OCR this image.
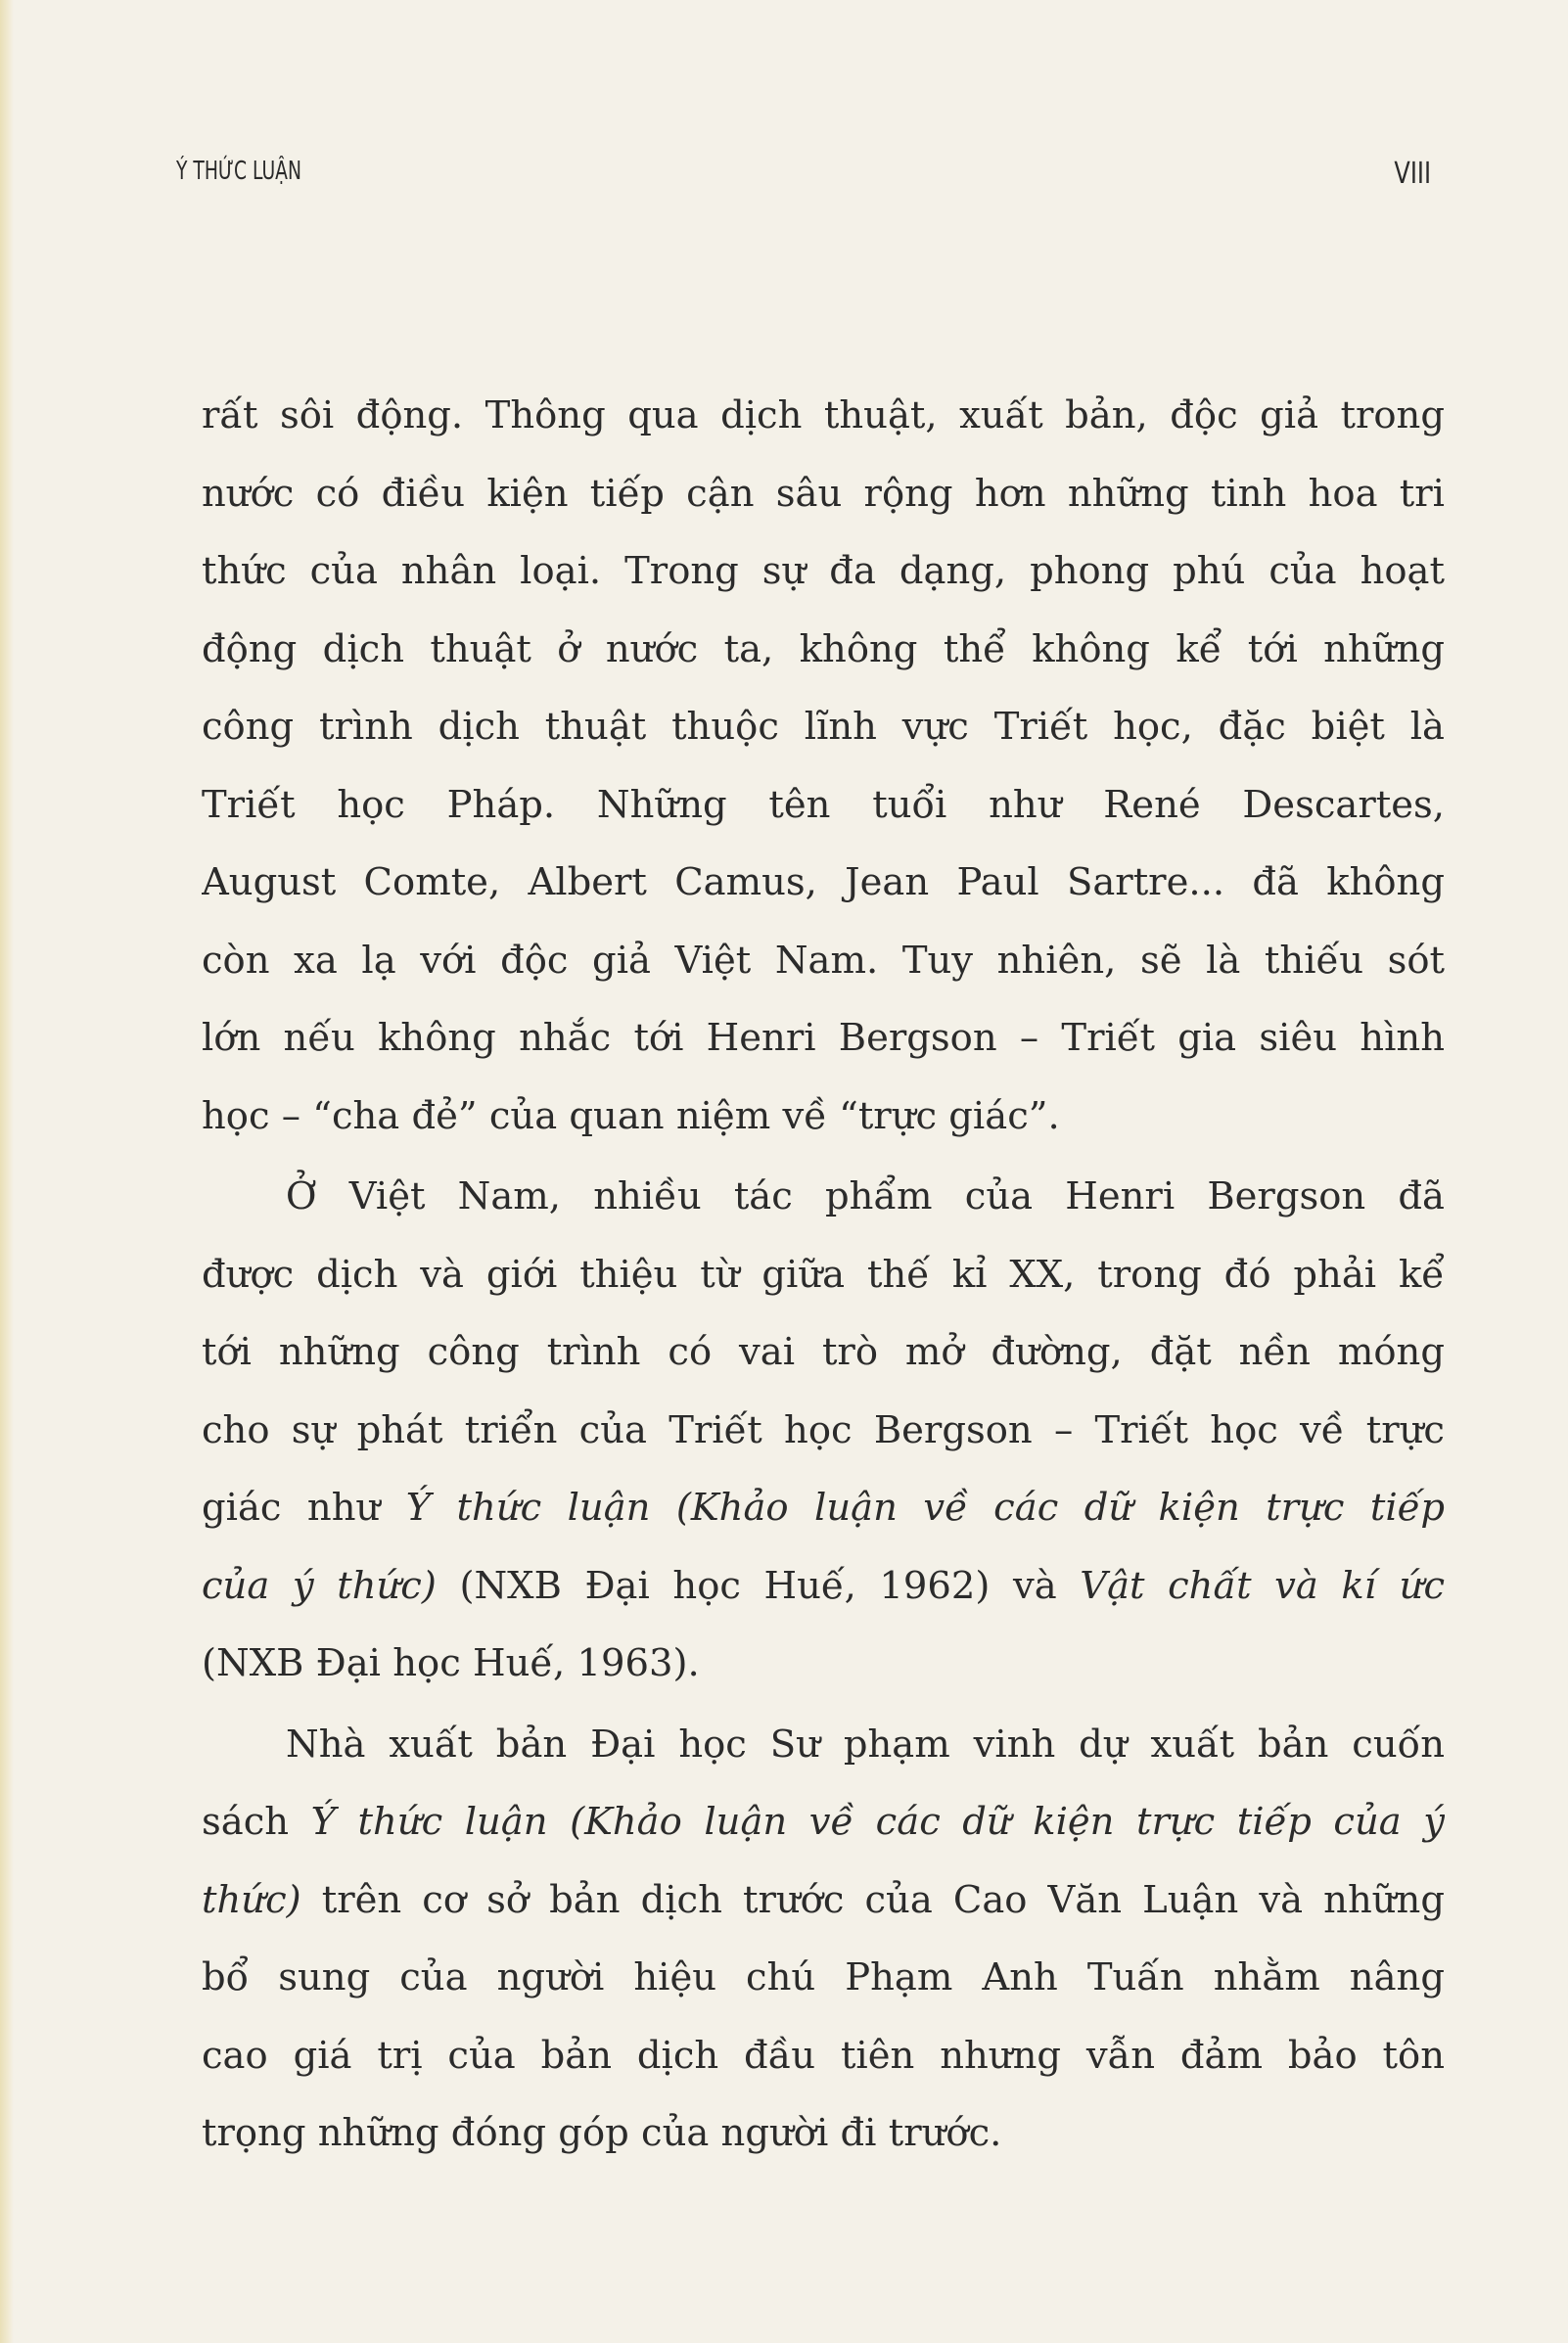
Ý THỨC LUẬN	VIII
rất sôi động. Thông qua dịch thuật, xuất bản, độc giả trong
nước có điều kiện tiếp cận sâu rộng hơn những tinh hoa tri
thức của nhân loại. Trong sự đa dạng, phong phú của hoạt
động dịch thuật ở nước ta, không thể không kể tới những
công trình dịch thuật thuộc lĩnh vực Triết học, đặc biệt là
Triết học Pháp. Những tên tuổi như René Descartes,
August Comte, Albert Camus, Jean Paul Sartre... đã không
còn xa lạ với độc giả Việt Nam. Tuy nhiên, sẽ là thiếu sót
lớn nếu không nhắc tới Henri Bergson – Triết gia siêu hình
học – “cha đẻ” của quan niệm về “trực giác”.
Ở Việt Nam, nhiều tác phẩm của Henri Bergson đã
được dịch và giới thiệu từ giữa thế kỉ XX, trong đó phải kể
tới những công trình có vai trò mở đường, đặt nền móng
cho sự phát triển của Triết học Bergson – Triết học về trực
giác như Ý thức luận (Khảo luận về các dữ kiện trực tiếp
của ý thức) (NXB Đại học Huế, 1962) và Vật chất và kí ức
(NXB Đại học Huế, 1963).
Nhà xuất bản Đại học Sư phạm vinh dự xuất bản cuốn
sách Ý thức luận (Khảo luận về các dữ kiện trực tiếp của ý
thức) trên cơ sở bản dịch trước của Cao Văn Luận và những
bổ sung của người hiệu chú Phạm Anh Tuấn nhằm nâng
cao giá trị của bản dịch đầu tiên nhưng vẫn đảm bảo tôn
trọng những đóng góp của người đi trước.
